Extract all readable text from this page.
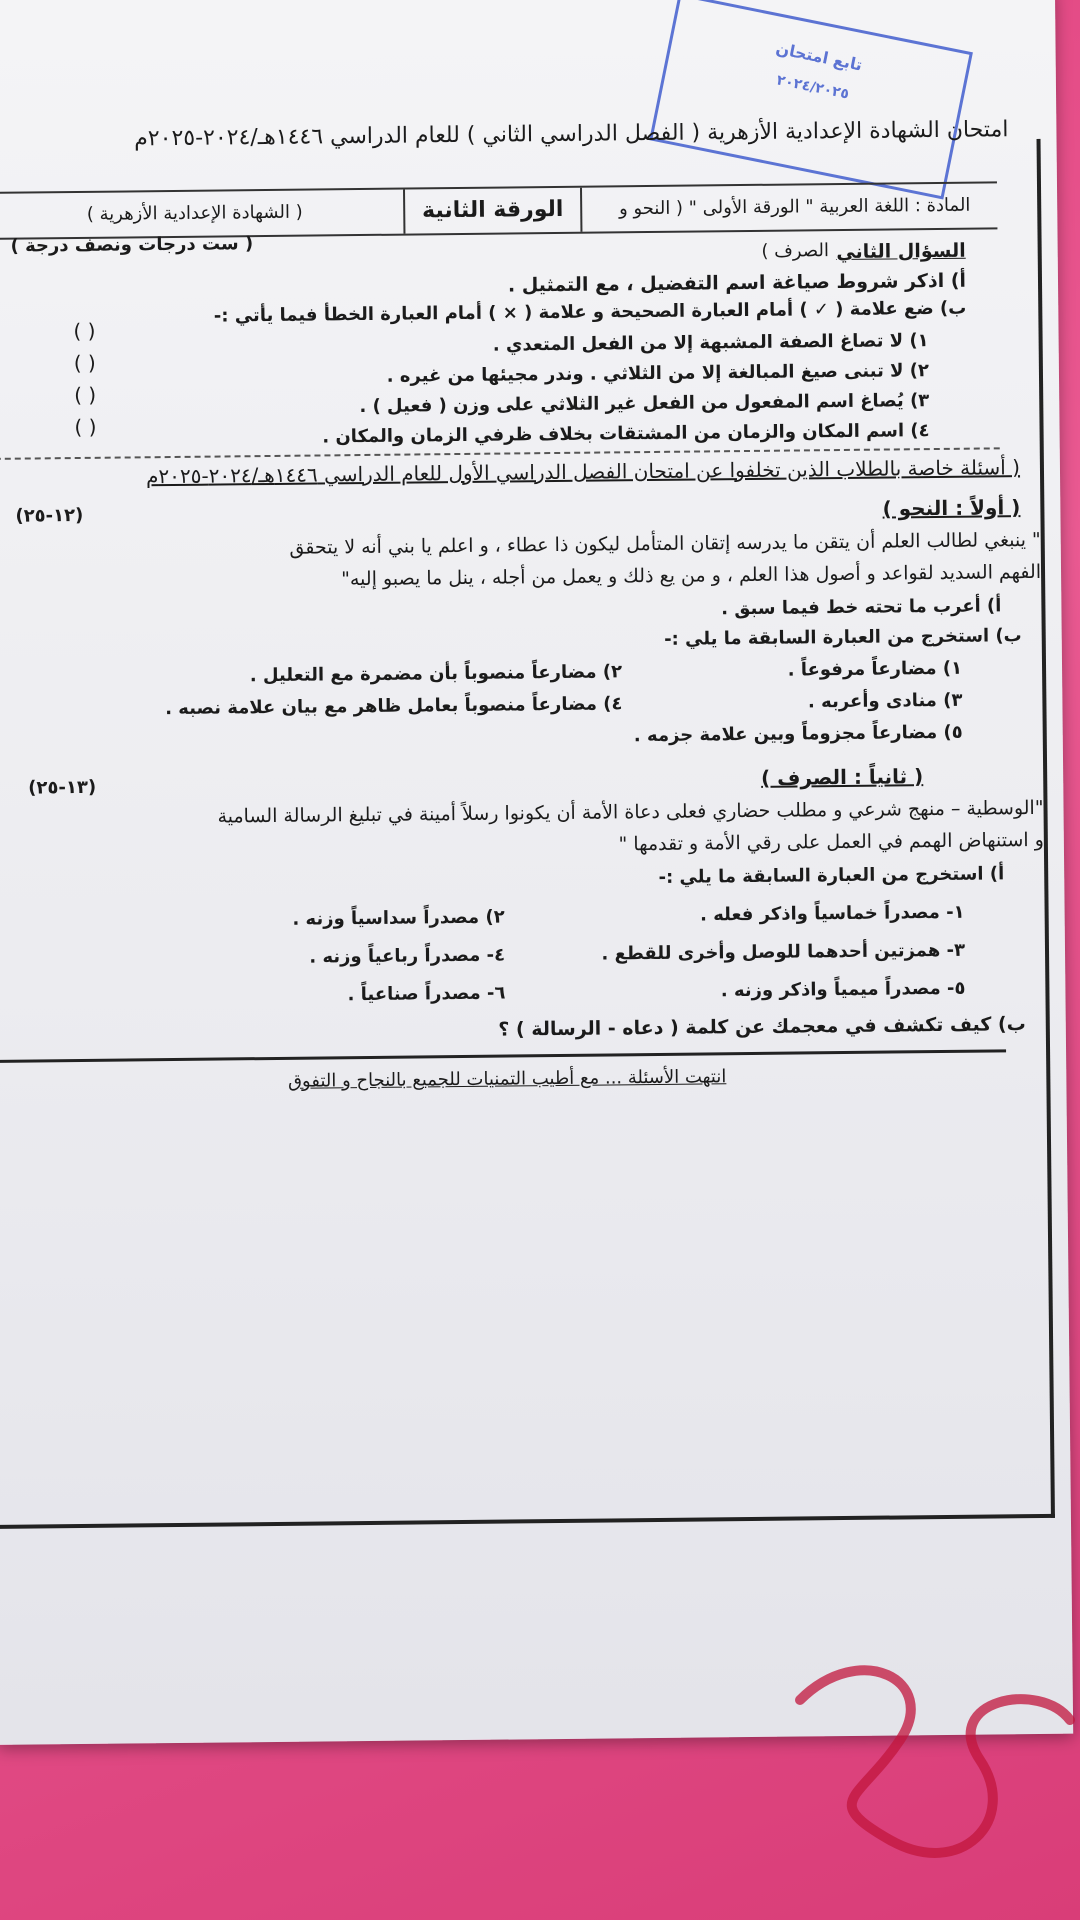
تابع امتحان
٢٠٢٤/٢٠٢٥
امتحان الشهادة الإعدادية الأزهرية ( الفصل الدراسي الثاني ) للعام الدراسي ١٤٤٦هـ/٢٠٢٤-٢٠٢٥م
المادة : اللغة العربية " الورقة الأولى " ( النحو و الصرف )
الورقة الثانية
( الشهادة الإعدادية الأزهرية )
( ست درجات ونصف درجة )	السؤال الثاني
أ) اذكر شروط صياغة اسم التفضيل ، مع التمثيل .
ب) ضع علامة ( ✓ ) أمام العبارة الصحيحة و علامة ( × ) أمام العبارة الخطأ فيما يأتي :-
١) لا تصاغ الصفة المشبهة إلا من الفعل المتعدي .
٢) لا تبنى صيغ المبالغة إلا من الثلاثي . وندر مجيئها من غيره .
٣) يُصاغ اسم المفعول من الفعل غير الثلاثي على وزن ( فعيل ) .
٤) اسم المكان والزمان من المشتقات بخلاف ظرفي الزمان والمكان .
( )
( )
( )
( )
( أسئلة خاصة بالطلاب الذين تخلفوا عن امتحان الفصل الدراسي الأول للعام الدراسي ١٤٤٦هـ/٢٠٢٤-٢٠٢٥م
( أولاً : النحو )
(١٢-٢٥)
" ينبغي لطالب العلم أن يتقن ما يدرسه إتقان المتأمل ليكون ذا عطاء ، و اعلم يا بني أنه لا يتحقق
الفهم السديد لقواعد و أصول هذا العلم ، و من يع ذلك و يعمل من أجله ، ينل ما يصبو إليه"
أ) أعرب ما تحته خط فيما سبق .
ب) استخرج من العبارة السابقة ما يلي :-
١) مضارعاً مرفوعاً .
٢) مضارعاً منصوباً بأن مضمرة مع التعليل .
٣) منادى وأعربه .
٤) مضارعاً منصوباً بعامل ظاهر مع بيان علامة نصبه .
٥) مضارعاً مجزوماً وبين علامة جزمه .
( ثانياً : الصرف )
(١٣-٢٥)
"الوسطية – منهج شرعي و مطلب حضاري فعلى دعاة الأمة أن يكونوا رسلاً أمينة في تبليغ الرسالة السامية
و استنهاض الهمم في العمل على رقي الأمة و تقدمها "
أ) استخرج من العبارة السابقة ما يلي :-
١- مصدراً خماسياً واذكر فعله .
٢) مصدراً سداسياً وزنه .
٣- همزتين أحدهما للوصل وأخرى للقطع .
٤- مصدراً رباعياً وزنه .
٥- مصدراً ميمياً واذكر وزنه .
٦- مصدراً صناعياً .
ب) كيف تكشف في معجمك عن كلمة ( دعاه - الرسالة ) ؟
انتهت الأسئلة ... مع أطيب التمنيات للجميع بالنجاح و التفوق
